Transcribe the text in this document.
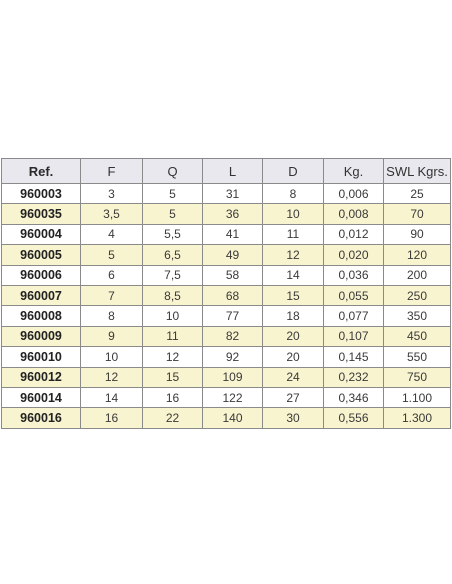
Ref.	F	Q	L	D	Kg.	SWL Kgrs.
960003	3	5	31	8	0,006	25
960035	3,5	5	36	10	0,008	70
960004	4	5,5	41	11	0,012	90
960005	5	6,5	49	12	0,020	120
960006	6	7,5	58	14	0,036	200
960007	7	8,5	68	15	0,055	250
960008	8	10	77	18	0,077	350
960009	9	11	82	20	0,107	450
960010	10	12	92	20	0,145	550
960012	12	15	109	24	0,232	750
960014	14	16	122	27	0,346	1.100
960016	16	22	140	30	0,556	1.300
